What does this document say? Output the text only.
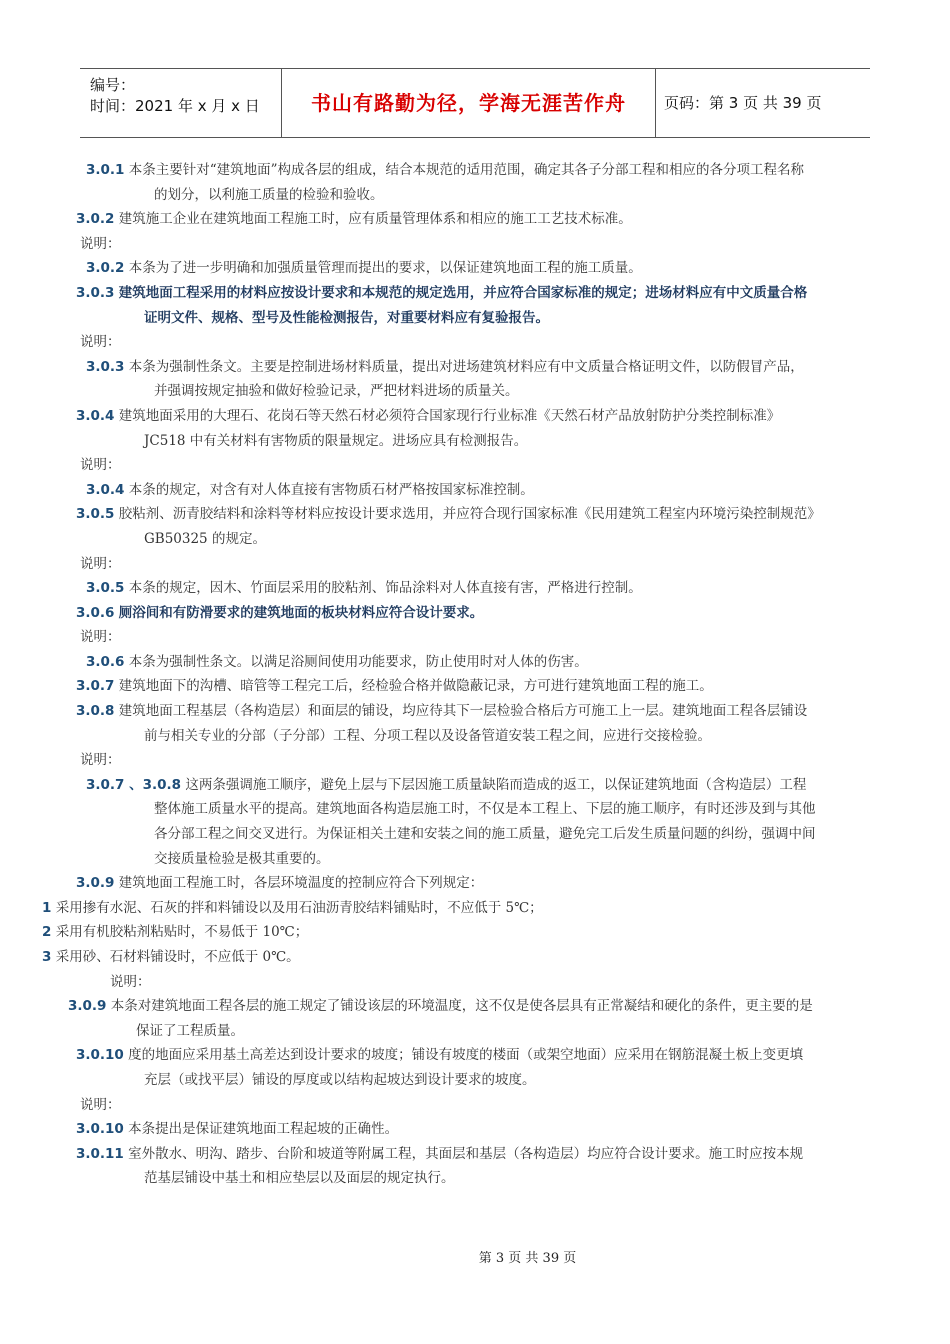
编号：
时间：2021 年 x 月 x 日	书山有路勤为径，学海无涯苦作舟	页码：第 3 页 共 39 页
3.0.1 本条主要针对“建筑地面”构成各层的组成，结合本规范的适用范围，确定其各子分部工程和相应的各分项工程名称的划分，以利施工质量的检验和验收。
3.0.2 建筑施工企业在建筑地面工程施工时，应有质量管理体系和相应的施工工艺技术标准。
说明：
3.0.2 本条为了进一步明确和加强质量管理而提出的要求，以保证建筑地面工程的施工质量。
3.0.3 建筑地面工程采用的材料应按设计要求和本规范的规定选用，并应符合国家标准的规定；进场材料应有中文质量合格证明文件、规格、型号及性能检测报告，对重要材料应有复验报告。
说明：
3.0.3 本条为强制性条文。主要是控制进场材料质量，提出对进场建筑材料应有中文质量合格证明文件，以防假冒产品，并强调按规定抽验和做好检验记录，严把材料进场的质量关。
3.0.4 建筑地面采用的大理石、花岗石等天然石材必须符合国家现行行业标准《天然石材产品放射防护分类控制标准》JC518 中有关材料有害物质的限量规定。进场应具有检测报告。
说明：
3.0.4 本条的规定，对含有对人体直接有害物质石材严格按国家标准控制。
3.0.5 胶粘剂、沥青胶结料和涂料等材料应按设计要求选用，并应符合现行国家标准《民用建筑工程室内环境污染控制规范》GB50325 的规定。
说明：
3.0.5 本条的规定，因木、竹面层采用的胶粘剂、饰品涂料对人体直接有害，严格进行控制。
3.0.6 厕浴间和有防滑要求的建筑地面的板块材料应符合设计要求。
说明：
3.0.6 本条为强制性条文。以满足浴厕间使用功能要求，防止使用时对人体的伤害。
3.0.7 建筑地面下的沟槽、暗管等工程完工后，经检验合格并做隐蔽记录，方可进行建筑地面工程的施工。
3.0.8 建筑地面工程基层（各构造层）和面层的铺设，均应待其下一层检验合格后方可施工上一层。建筑地面工程各层铺设前与相关专业的分部（子分部）工程、分项工程以及设备管道安装工程之间，应进行交接检验。
说明：
3.0.7 、3.0.8 这两条强调施工顺序，避免上层与下层因施工质量缺陷而造成的返工，以保证建筑地面（含构造层）工程整体施工质量水平的提高。建筑地面各构造层施工时，不仅是本工程上、下层的施工顺序，有时还涉及到与其他各分部工程之间交叉进行。为保证相关土建和安装之间的施工质量，避免完工后发生质量问题的纠纷，强调中间交接质量检验是极其重要的。
3.0.9 建筑地面工程施工时，各层环境温度的控制应符合下列规定：
1 采用掺有水泥、石灰的拌和料铺设以及用石油沥青胶结料铺贴时，不应低于 5℃；
2 采用有机胶粘剂粘贴时，不易低于 10℃；
3 采用砂、石材料铺设时，不应低于 0℃。
说明：
3.0.9 本条对建筑地面工程各层的施工规定了铺设该层的环境温度，这不仅是使各层具有正常凝结和硬化的条件，更主要的是保证了工程质量。
3.0.10 度的地面应采用基土高差达到设计要求的坡度；铺设有坡度的楼面（或架空地面）应采用在钢筋混凝土板上变更填充层（或找平层）铺设的厚度或以结构起坡达到设计要求的坡度。
说明：
3.0.10 本条提出是保证建筑地面工程起坡的正确性。
3.0.11 室外散水、明沟、踏步、台阶和坡道等附属工程，其面层和基层（各构造层）均应符合设计要求。施工时应按本规范基层铺设中基土和相应垫层以及面层的规定执行。
第 3 页 共 39 页
